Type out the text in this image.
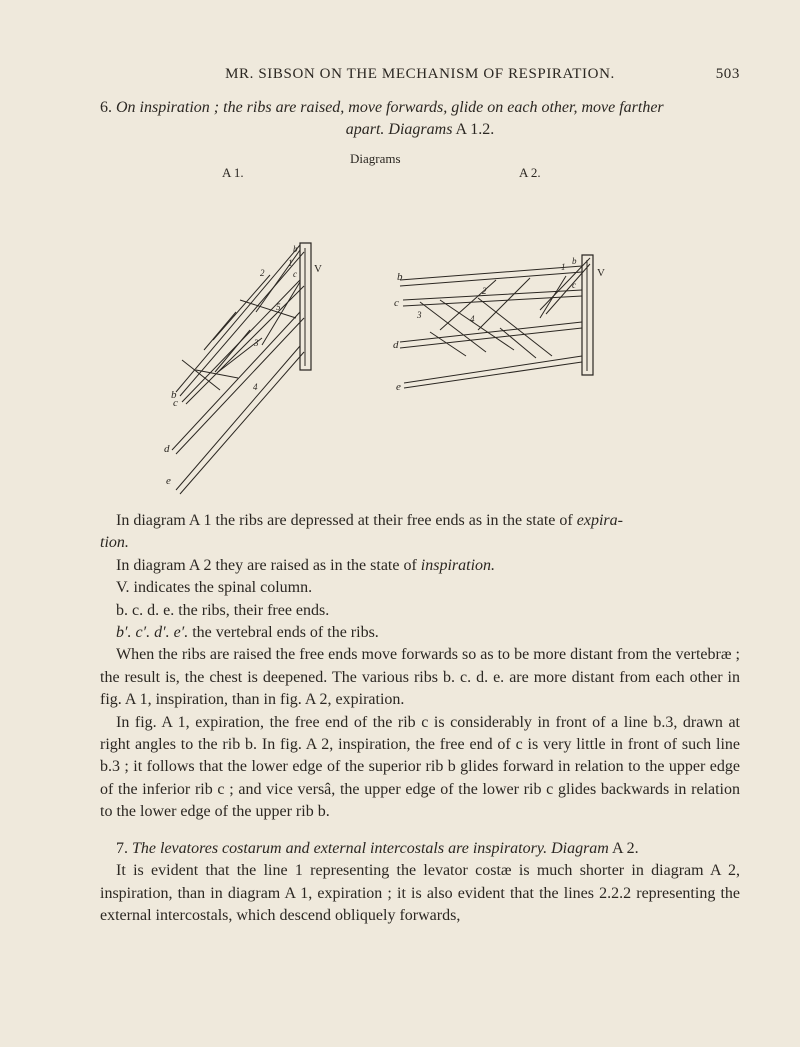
MR. SIBSON ON THE MECHANISM OF RESPIRATION.	503
6. On inspiration ; the ribs are raised, move forwards, glide on each other, move farther
apart. Diagrams A 1.2.
Diagrams
A 1.	A 2.
b
c
d
e
V
1
2
3
4
5
b
c	b
c
d
e
V
1
2
3	4
b
c

In diagram A 1 the ribs are depressed at their free ends as in the state of expira-
tion.

In diagram A 2 they are raised as in the state of inspiration.

V. indicates the spinal column.

b. c. d. e. the ribs, their free ends.

b′. c′. d′. e′. the vertebral ends of the ribs.

When the ribs are raised the free ends move forwards so as to be more distant from the vertebræ ; the result is, the chest is deepened. The various ribs b. c. d. e. are more distant from each other in fig. A 1, inspiration, than in fig. A 2, expiration.

In fig. A 1, expiration, the free end of the rib c is considerably in front of a line b.3, drawn at right angles to the rib b. In fig. A 2, inspiration, the free end of c is very little in front of such line b.3 ; it follows that the lower edge of the superior rib b glides forward in relation to the upper edge of the inferior rib c ; and vice versâ, the upper edge of the lower rib c glides backwards in relation to the lower edge of the upper rib b.

7. The levatores costarum and external intercostals are inspiratory. Diagram A 2.

It is evident that the line 1 representing the levator costæ is much shorter in diagram A 2, inspiration, than in diagram A 1, expiration ; it is also evident that the lines 2.2.2 representing the external intercostals, which descend obliquely forwards,
